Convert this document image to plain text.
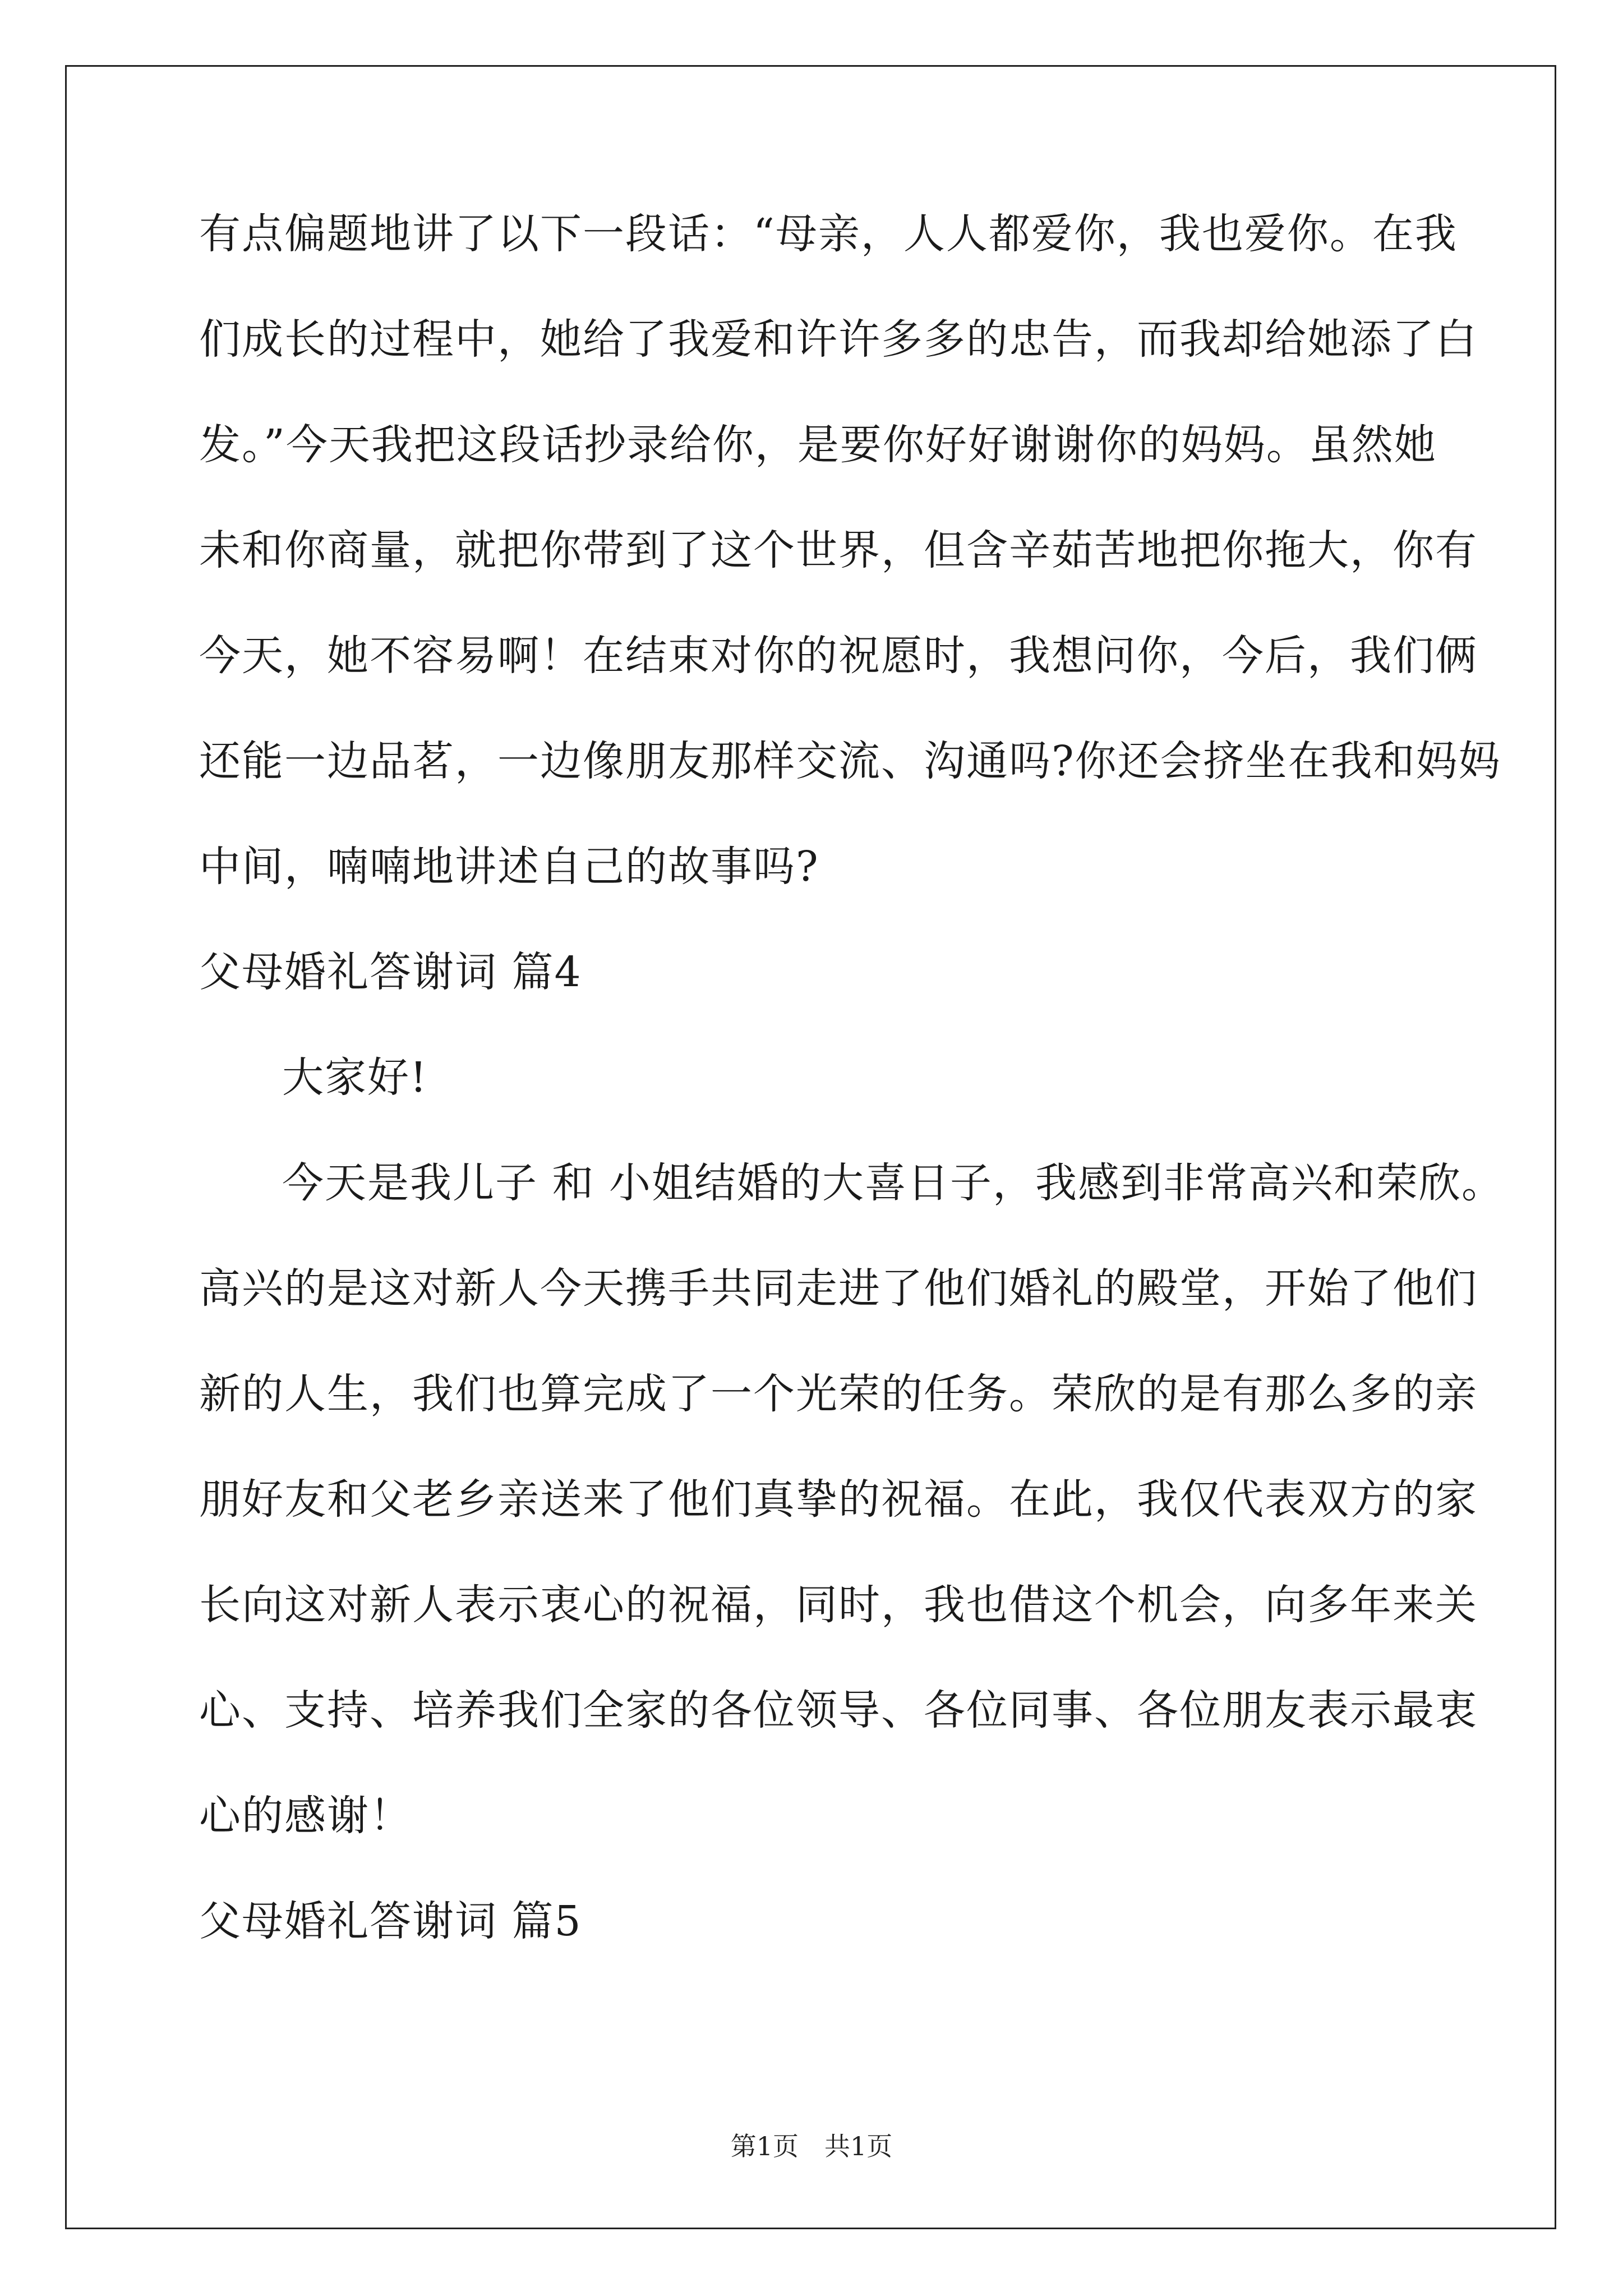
有点偏题地讲了以下一段话：“母亲，人人都爱你，我也爱你。在我
们成长的过程中，她给了我爱和许许多多的忠告，而我却给她添了白
发。”今天我把这段话抄录给你，是要你好好谢谢你的妈妈。虽然她
未和你商量，就把你带到了这个世界，但含辛茹苦地把你拖大，你有
今天，她不容易啊！在结束对你的祝愿时，我想问你，今后，我们俩
还能一边品茗，一边像朋友那样交流、沟通吗?你还会挤坐在我和妈妈
中间，喃喃地讲述自己的故事吗?
父母婚礼答谢词 篇4
大家好!
今天是我儿子 和 小姐结婚的大喜日子，我感到非常高兴和荣欣。
高兴的是这对新人今天携手共同走进了他们婚礼的殿堂，开始了他们
新的人生，我们也算完成了一个光荣的任务。荣欣的是有那么多的亲
朋好友和父老乡亲送来了他们真挚的祝福。在此，我仅代表双方的家
长向这对新人表示衷心的祝福，同时，我也借这个机会，向多年来关
心、支持、培养我们全家的各位领导、各位同事、各位朋友表示最衷
心的感谢！
父母婚礼答谢词 篇5
第1页　共1页
